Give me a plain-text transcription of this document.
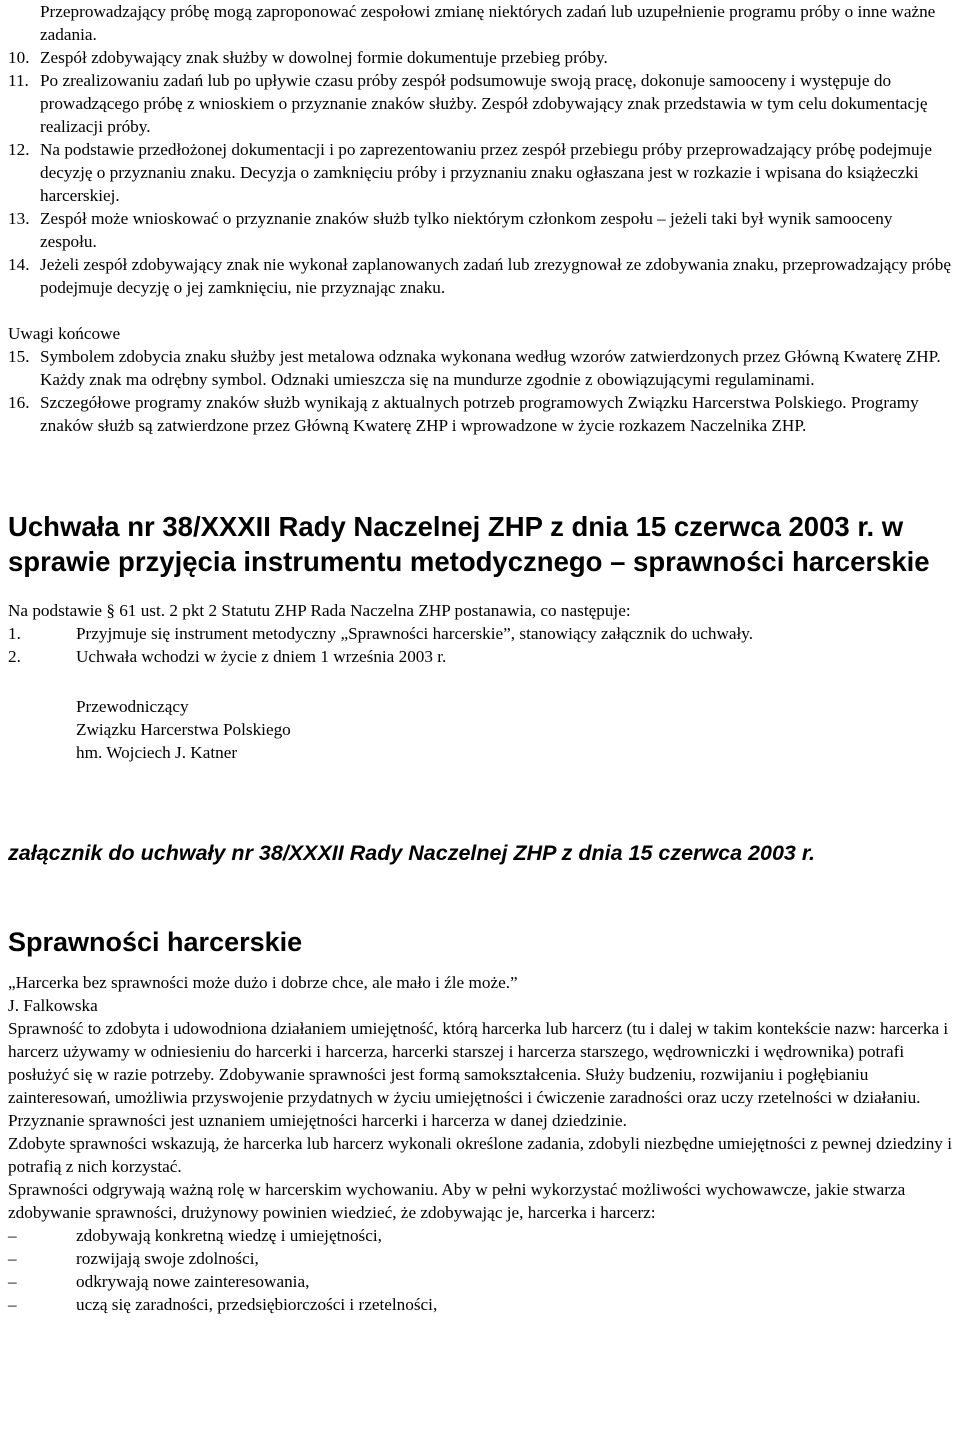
Przeprowadzający próbę mogą zaproponować zespołowi zmianę niektórych zadań lub uzupełnienie programu próby o inne ważne zadania.
10. Zespół zdobywający znak służby w dowolnej formie dokumentuje przebieg próby.
11. Po zrealizowaniu zadań lub po upływie czasu próby zespół podsumowuje swoją pracę, dokonuje samooceny i występuje do prowadzącego próbę z wnioskiem o przyznanie znaków służby. Zespół zdobywający znak przedstawia w tym celu dokumentację realizacji próby.
12. Na podstawie przedłożonej dokumentacji i po zaprezentowaniu przez zespół przebiegu próby przeprowadzający próbę podejmuje decyzję o przyznaniu znaku. Decyzja o zamknięciu próby i przyznaniu znaku ogłaszana jest w rozkazie i wpisana do książeczki harcerskiej.
13. Zespół może wnioskować o przyznanie znaków służb tylko niektórym członkom zespołu – jeżeli taki był wynik samooceny zespołu.
14. Jeżeli zespół zdobywający znak nie wykonał zaplanowanych zadań lub zrezygnował ze zdobywania znaku, przeprowadzający próbę podejmuje decyzję o jej zamknięciu, nie przyznając znaku.

Uwagi końcowe

15. Symbolem zdobycia znaku służby jest metalowa odznaka wykonana według wzorów zatwierdzonych przez Główną Kwaterę ZHP. Każdy znak ma odrębny symbol. Odznaki umieszcza się na mundurze zgodnie z obowiązującymi regulaminami.
16. Szczegółowe programy znaków służb wynikają z aktualnych potrzeb programowych Związku Harcerstwa Polskiego. Programy znaków służb są zatwierdzone przez Główną Kwaterę ZHP i wprowadzone w życie rozkazem Naczelnika ZHP.
Uchwała nr 38/XXXII Rady Naczelnej ZHP z dnia 15 czerwca 2003 r. w sprawie przyjęcia instrumentu metodycznego – sprawności harcerskie

Na podstawie § 61 ust. 2 pkt 2 Statutu ZHP Rada Naczelna ZHP postanawia, co następuje:

1.	Przyjmuje się instrument metodyczny „Sprawności harcerskie”, stanowiący załącznik do uchwały.
2.	Uchwała wchodzi w życie z dniem 1 września 2003 r.
Przewodniczący
Związku Harcerstwa Polskiego
hm. Wojciech J. Katner
załącznik do uchwały nr 38/XXXII Rady Naczelnej ZHP z dnia 15 czerwca 2003 r.
Sprawności harcerskie

„Harcerka bez sprawności może dużo i dobrze chce, ale mało i źle może.”

J. Falkowska

Sprawność to zdobyta i udowodniona działaniem umiejętność, którą harcerka lub harcerz (tu i dalej w takim kontekście nazw: harcerka i harcerz używamy w odniesieniu do harcerki i harcerza, harcerki starszej i harcerza starszego, wędrowniczki i wędrownika) potrafi posłużyć się w razie potrzeby. Zdobywanie sprawności jest formą samokształcenia. Służy budzeniu, rozwijaniu i pogłębianiu zainteresowań, umożliwia przyswojenie przydatnych w życiu umiejętności i ćwiczenie zaradności oraz uczy rzetelności w działaniu. Przyznanie sprawności jest uznaniem umiejętności harcerki i harcerza w danej dziedzinie.

Zdobyte sprawności wskazują, że harcerka lub harcerz wykonali określone zadania, zdobyli niezbędne umiejętności z pewnej dziedziny i potrafią z nich korzystać.

Sprawności odgrywają ważną rolę w harcerskim wychowaniu. Aby w pełni wykorzystać możliwości wychowawcze, jakie stwarza zdobywanie sprawności, drużynowy powinien wiedzieć, że zdobywając je, harcerka i harcerz:

–	zdobywają konkretną wiedzę i umiejętności,
–	rozwijają swoje zdolności,
–	odkrywają nowe zainteresowania,
–	uczą się zaradności, przedsiębiorczości i rzetelności,
